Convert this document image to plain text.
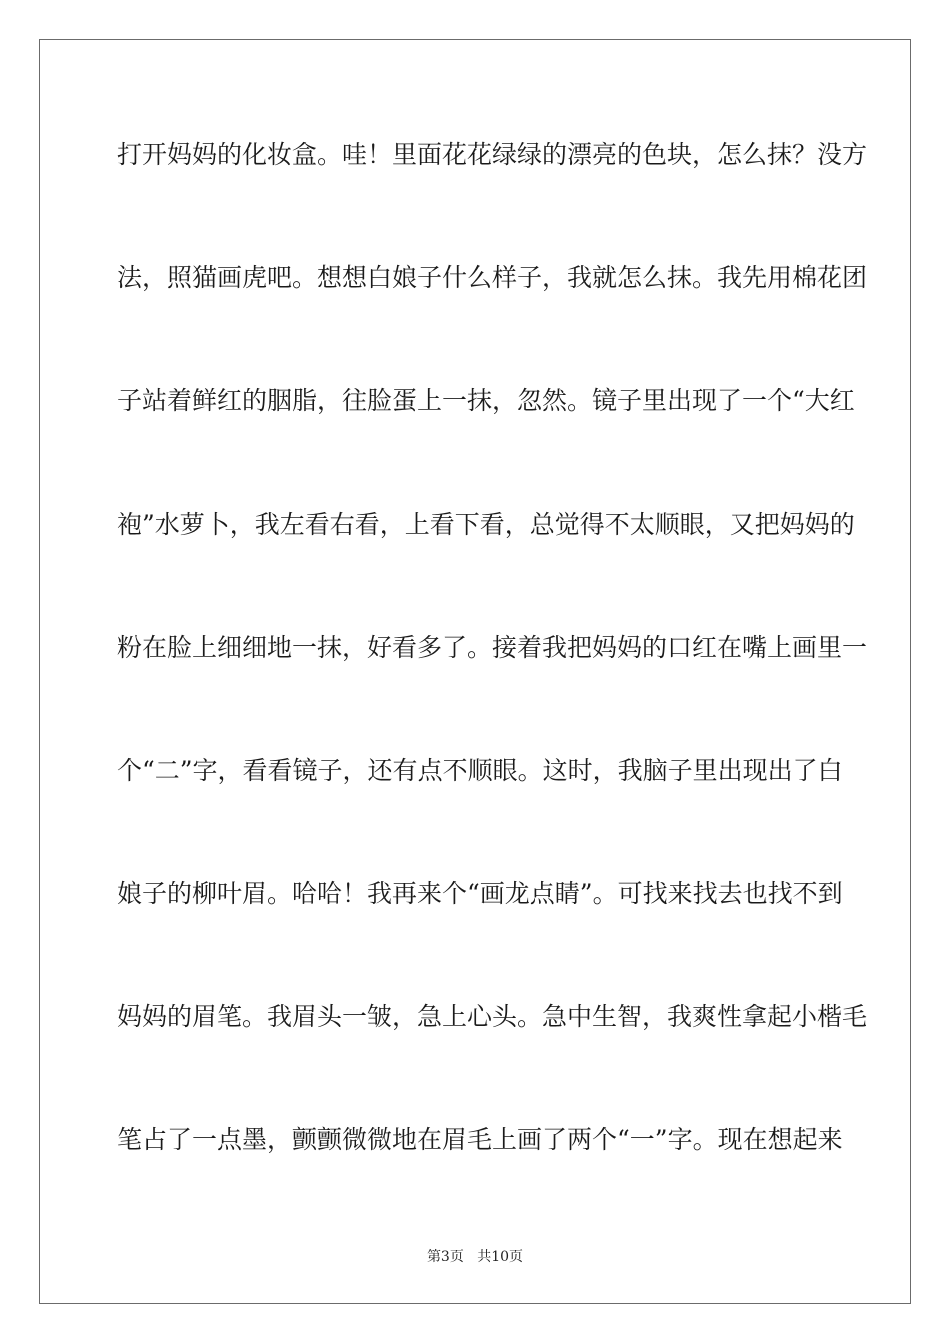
打开妈妈的化妆盒。哇！里面花花绿绿的漂亮的色块，怎么抹？没方
法，照猫画虎吧。想想白娘子什么样子，我就怎么抹。我先用棉花团
子站着鲜红的胭脂，往脸蛋上一抹，忽然。镜子里出现了一个“大红
袍”水萝卜，我左看右看，上看下看，总觉得不太顺眼，又把妈妈的
粉在脸上细细地一抹，好看多了。接着我把妈妈的口红在嘴上画里一
个“二”字，看看镜子，还有点不顺眼。这时，我脑子里出现出了白
娘子的柳叶眉。哈哈！我再来个“画龙点睛”。可找来找去也找不到
妈妈的眉笔。我眉头一皱，急上心头。急中生智，我爽性拿起小楷毛
笔占了一点墨，颤颤微微地在眉毛上画了两个“一”字。现在想起来
第3页 共10页
